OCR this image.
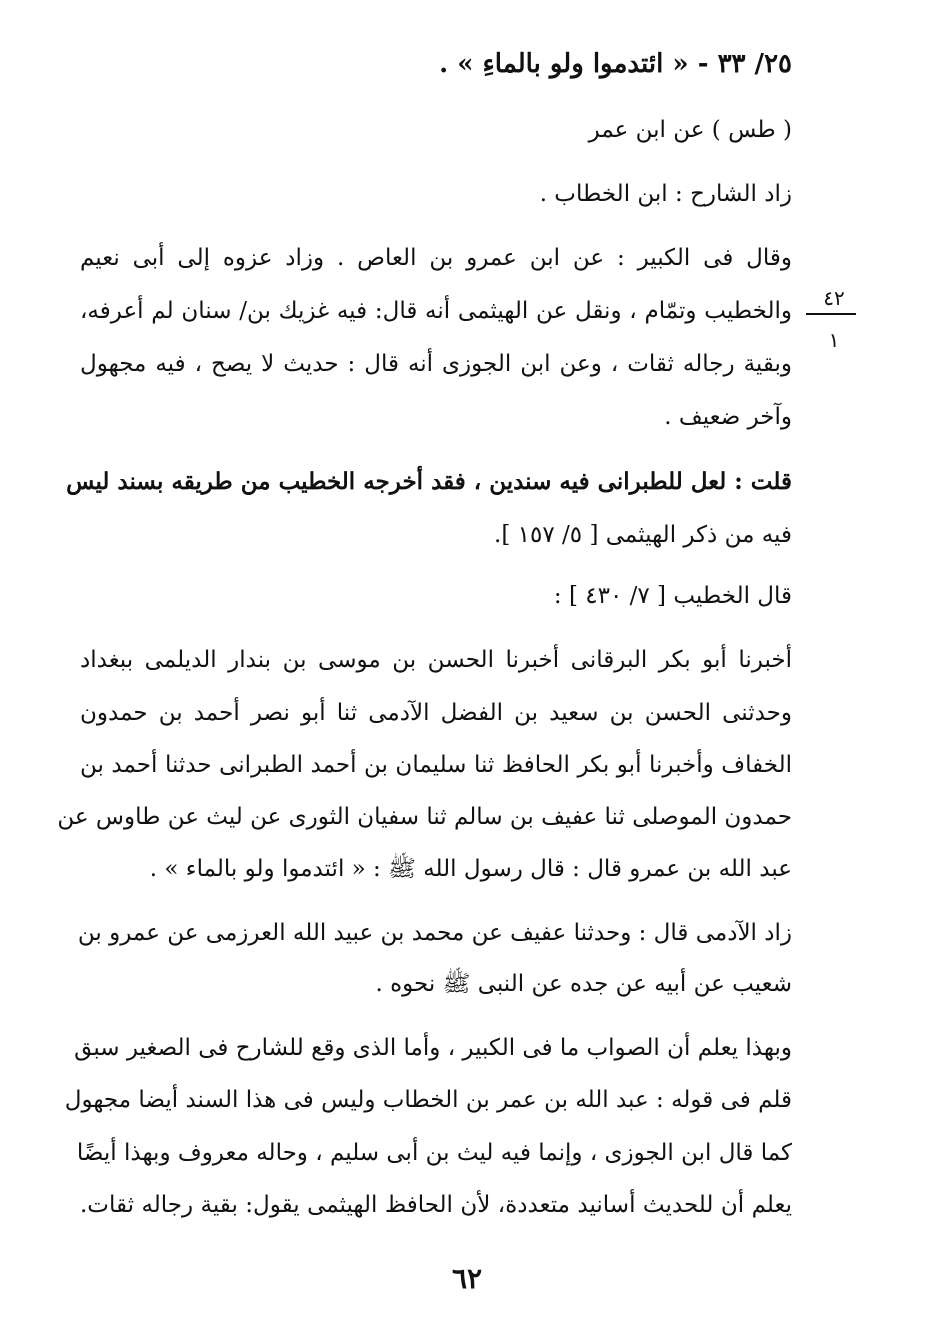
٢٥/ ٣٣ - « ائتدموا ولو بالماءِ » .
( طس ) عن ابن عمر
زاد الشارح : ابن الخطاب .
وقال فى الكبير : عن ابن عمرو بن العاص . وزاد عزوه إلى أبى نعيم
والخطيب وتمّام ، ونقل عن الهيثمى أنه قال: فيه غزيك بن/ سنان لم أعرفه،
وبقية رجاله ثقات ، وعن ابن الجوزى أنه قال : حديث لا يصح ، فيه مجهول
وآخر ضعيف .
قلت : لعل للطبرانى فيه سندين ، فقد أخرجه الخطيب من طريقه بسند ليس
فيه من ذكر الهيثمى [ ٥/ ١٥٧ ].
قال الخطيب [ ٧/ ٤٣٠ ] :
أخبرنا أبو بكر البرقانى أخبرنا الحسن بن موسى بن بندار الديلمى ببغداد
وحدثنى الحسن بن سعيد بن الفضل الآدمى ثنا أبو نصر أحمد بن حمدون
الخفاف وأخبرنا أبو بكر الحافظ ثنا سليمان بن أحمد الطبرانى حدثنا أحمد بن
حمدون الموصلى ثنا عفيف بن سالم ثنا سفيان الثورى عن ليث عن طاوس عن
عبد الله بن عمرو قال : قال رسول الله ﷺ : « ائتدموا ولو بالماء » .
زاد الآدمى قال : وحدثنا عفيف عن محمد بن عبيد الله العرزمى عن عمرو بن
شعيب عن أبيه عن جده عن النبى ﷺ نحوه .
وبهذا يعلم أن الصواب ما فى الكبير ، وأما الذى وقع للشارح فى الصغير سبق
قلم فى قوله : عبد الله بن عمر بن الخطاب وليس فى هذا السند أيضا مجهول
كما قال ابن الجوزى ، وإنما فيه ليث بن أبى سليم ، وحاله معروف وبهذا أيضًا
يعلم أن للحديث أسانيد متعددة، لأن الحافظ الهيثمى يقول: بقية رجاله ثقات.
٤٢
١
٦٢
